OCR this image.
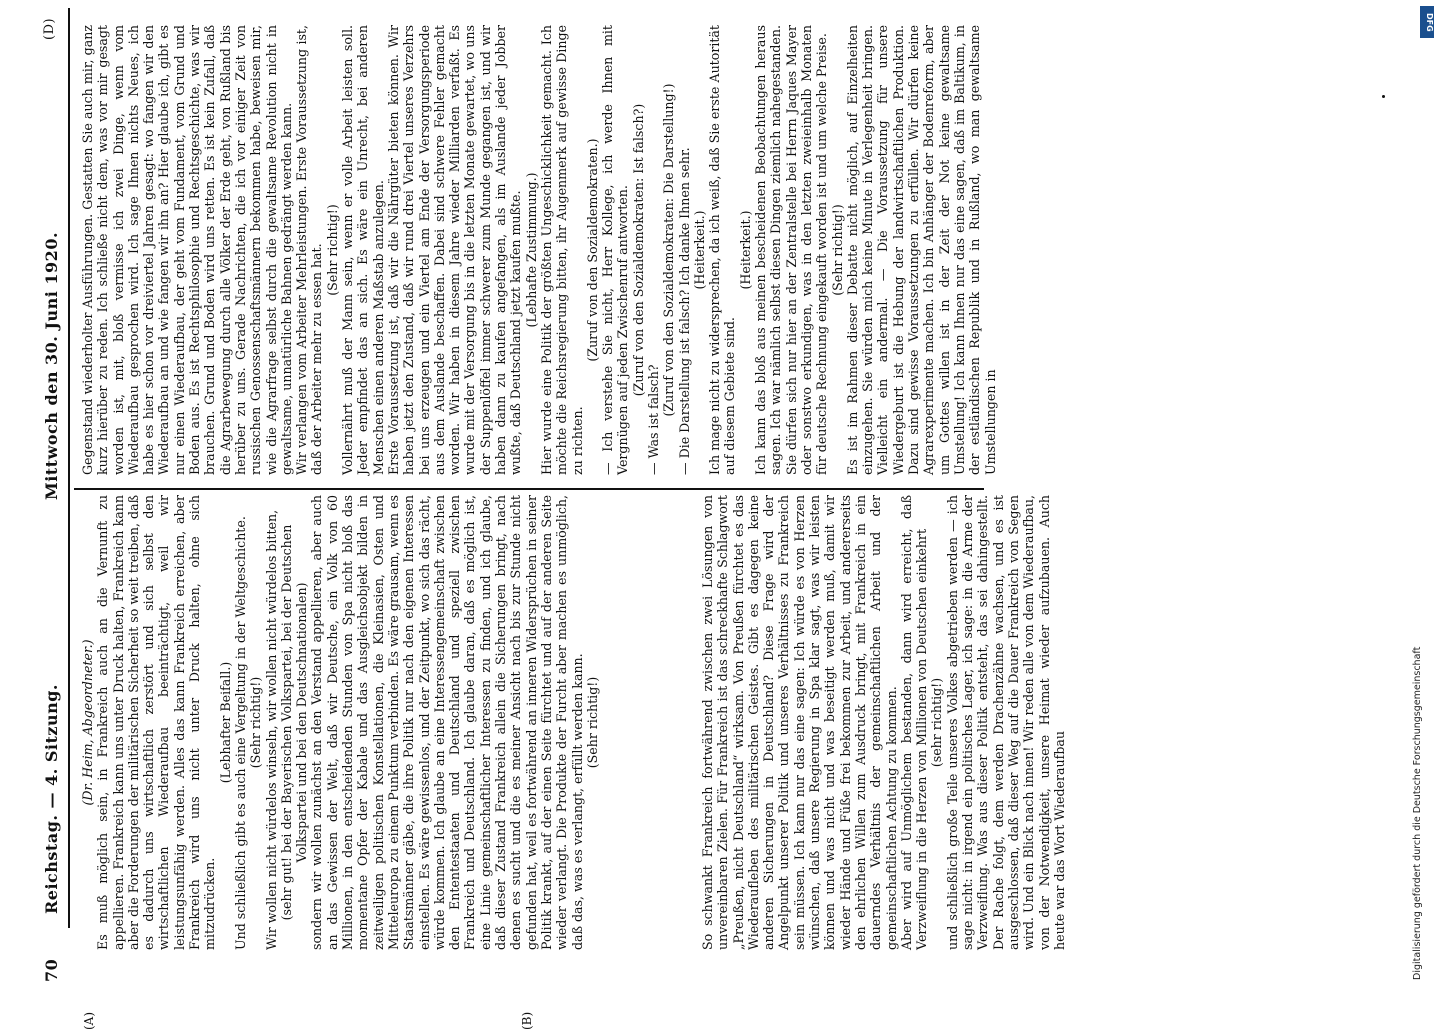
70
Reichstag. — 4. Sitzung.
Mittwoch den 30. Juni 1920.
(D)
(A)	(B)

(Dr. Heim, Abgeordneter.) Es muß möglich sein, in Frankreich auch an die Vernunft zu appellieren. Frankreich kann uns unter Druck halten, Frankreich kann aber die Forderungen der militärischen Sicherheit so weit treiben, daß es dadurch uns wirtschaftlich zerstört und sich selbst den wirtschaftlichen Wiederaufbau beeinträchtigt, weil wir leistungsunfähig werden. Alles das kann Frankreich erreichen, aber Frankreich wird uns nicht unter Druck halten, ohne sich mitzudrücken.

(Lebhafter Beifall.) Und schließlich gibt es auch eine Vergeltung in der Weltgeschichte. (Sehr richtig!) Wir wollen nicht würdelos winseln, wir wollen nicht würdelos bitten, (sehr gut! bei der Bayerischen Volkspartei, bei der Deutschen Volkspartei und bei den Deutschnationalen) sondern wir wollen zunächst an den Verstand appellieren, aber auch an das Gewissen der Welt, daß wir Deutsche, ein Volk von 60 Millionen, in den entscheidenden Stunden von Spa nicht bloß das momentane Opfer der Kabale und das Ausgleichsobjekt bilden in zeitweiligen politischen Konstellationen, die Kleinasien, Osten und Mitteleuropa zu einem Punktum verbinden. Es wäre grausam, wenn es Staatsmänner gäbe, die ihre Politik nur nach den eigenen Interessen einstellen. Es wäre gewissenlos, und der Zeitpunkt, wo sich das rächt, würde kommen. Ich glaube an eine Interessengemeinschaft zwischen den Ententestaaten und Deutschland und speziell zwischen Frankreich und Deutschland. Ich glaube daran, daß es möglich ist, eine Linie gemeinschaftlicher Interessen zu finden, und ich glaube, daß dieser Zustand Frankreich allein die Sicherungen bringt, nach denen es sucht und die es meiner Ansicht nach bis zur Stunde nicht gefunden hat, weil es fortwährend an inneren Widersprüchen in seiner Politik krankt, auf der einen Seite fürchtet und auf der anderen Seite wieder verlangt. Die Produkte der Furcht aber machen es unmöglich, daß das, was es verlangt, erfüllt werden kann. (Sehr richtig!)	So schwankt Frankreich fortwährend zwischen zwei Lösungen von unvereinbaren Zielen. Für Frankreich ist das schreckhafte Schlagwort „Preußen, nicht Deutschland“ wirksam. Von Preußen fürchtet es das Wiederaufleben des militärischen Geistes. Gibt es dagegen keine anderen Sicherungen in Deutschland? Diese Frage wird der Angelpunkt unserer Politik und unseres Verhältnisses zu Frankreich sein müssen. Ich kann nur das eine sagen: Ich würde es von Herzen wünschen, daß unsere Regierung in Spa klar sagt, was wir leisten können und was nicht und was beseitigt werden muß, damit wir wieder Hände und Füße frei bekommen zur Arbeit, und andererseits den ehrlichen Willen zum Ausdruck bringt, mit Frankreich in ein dauerndes Verhältnis der gemeinschaftlichen Arbeit und der gemeinschaftlichen Achtung zu kommen. Aber wird auf Unmöglichem bestanden, dann wird erreicht, daß Verzweiflung in die Herzen von Millionen von Deutschen einkehrt (sehr richtig!) und schließlich große Teile unseres Volkes abgetrieben werden — ich sage nicht: in irgend ein politisches Lager, ich sage: in die Arme der Verzweiflung. Was aus dieser Politik entsteht, das sei dahingestellt. Der Rache folgt, dem werden Drachenzähne wachsen, und es ist ausgeschlossen, daß dieser Weg auf die Dauer Frankreich von Segen wird. Und ein Blick nach innen! Wir reden alle von dem Wiederaufbau, von der Notwendigkeit, unsere Heimat wieder aufzubauen. Auch heute war das Wort Wiederaufbau

Gegenstand wiederholter Ausführungen. Gestatten Sie auch mir, ganz kurz hierüber zu reden. Ich schließe nicht dem, was vor mir gesagt worden ist, mit, bloß vermisse ich zwei Dinge, wenn vom Wiederaufbau gesprochen wird. Ich sage Ihnen nichts Neues, ich habe es hier schon vor dreiviertel Jahren gesagt: wo fangen wir den Wiederaufbau an und wie fangen wir ihn an? Hier glaube ich, gibt es nur einen Wiederaufbau, der geht vom Fundament, vom Grund und Boden aus. Es ist Rechtsphilosophie und Rechtsgeschichte, was wir brauchen. Grund und Boden wird uns retten. Es ist kein Zufall, daß die Agrarbewegung durch alle Völker der Erde geht, von Rußland bis herüber zu uns. Gerade Nachrichten, die ich vor einiger Zeit von russischen Genossenschaftsmännern bekommen habe, beweisen mir, wie die Agrarfrage selbst durch die gewaltsame Revolution nicht in gewaltsame, unnatürliche Bahnen gedrängt werden kann. Wir verlangen vom Arbeiter Mehrleistungen. Erste Voraussetzung ist, daß der Arbeiter mehr zu essen hat. (Sehr richtig!) Vollernährt muß der Mann sein, wenn er volle Arbeit leisten soll. Jeder empfindet das an sich. Es wäre ein Unrecht, bei anderen Menschen einen anderen Maßstab anzulegen. Erste Voraussetzung ist, daß wir die Nährgüter bieten können. Wir haben jetzt den Zustand, daß wir rund drei Viertel unseres Verzehrs bei uns erzeugen und ein Viertel am Ende der Versorgungsperiode aus dem Auslande beschaffen. Dabei sind schwere Fehler gemacht worden. Wir haben in diesem Jahre wieder Milliarden verfaßt. Es wurde mit der Versorgung bis in die letzten Monate gewartet, wo uns der Suppenlöffel immer schwerer zum Munde gegangen ist, und wir haben dann zu kaufen angefangen, als im Auslande jeder Jobber wußte, daß Deutschland jetzt kaufen mußte. (Lebhafte Zustimmung.) Hier wurde eine Politik der größten Ungeschicklichkeit gemacht. Ich möchte die Reichsregierung bitten, ihr Augenmerk auf gewisse Dinge zu richten.

(Zuruf von den Sozialdemokraten.) — Ich verstehe Sie nicht, Herr Kollege, ich werde Ihnen mit Vergnügen auf jeden Zwischenruf antworten. (Zuruf von den Sozialdemokraten: Ist falsch?)

— Was ist falsch?

(Zuruf von den Sozialdemokraten: Die Darstellung!) — Die Darstellung ist falsch? Ich danke Ihnen sehr. (Heiterkeit.) Ich mage nicht zu widersprechen, da ich weiß, daß Sie erste Autorität auf diesem Gebiete sind.

(Heiterkeit.) Ich kann das bloß aus meinen bescheidenen Beobachtungen heraus sagen. Ich war nämlich selbst diesen Dingen ziemlich nahegestanden. Sie dürfen sich nur hier an der Zentralstelle bei Herrn Jaques Mayer oder sonstwo erkundigen, was in den letzten zweieinhalb Monaten für deutsche Rechnung eingekauft worden ist und um welche Preise. (Sehr richtig!) Es ist im Rahmen dieser Debatte nicht möglich, auf Einzelheiten einzugehen. Sie würden mich keine Minute in Verlegenheit bringen. Vielleicht ein andermal. — Die Voraussetzung für unsere Wiedergeburt ist die Hebung der landwirtschaftlichen Produktion. Dazu sind gewisse Voraussetzungen zu erfüllen. Wir dürfen keine Agrarexperimente machen. Ich bin Anhänger der Bodenreform, aber um Gottes willen ist in der Zeit der Not keine gewaltsame Umstellung! Ich kann Ihnen nur das eine sagen, daß im Baltikum, in der estländischen Republik und in Rußland, wo man gewaltsame Umstellungen in

DFG
Digitalisierung gefördert durch die Deutsche Forschungsgemeinschaft
